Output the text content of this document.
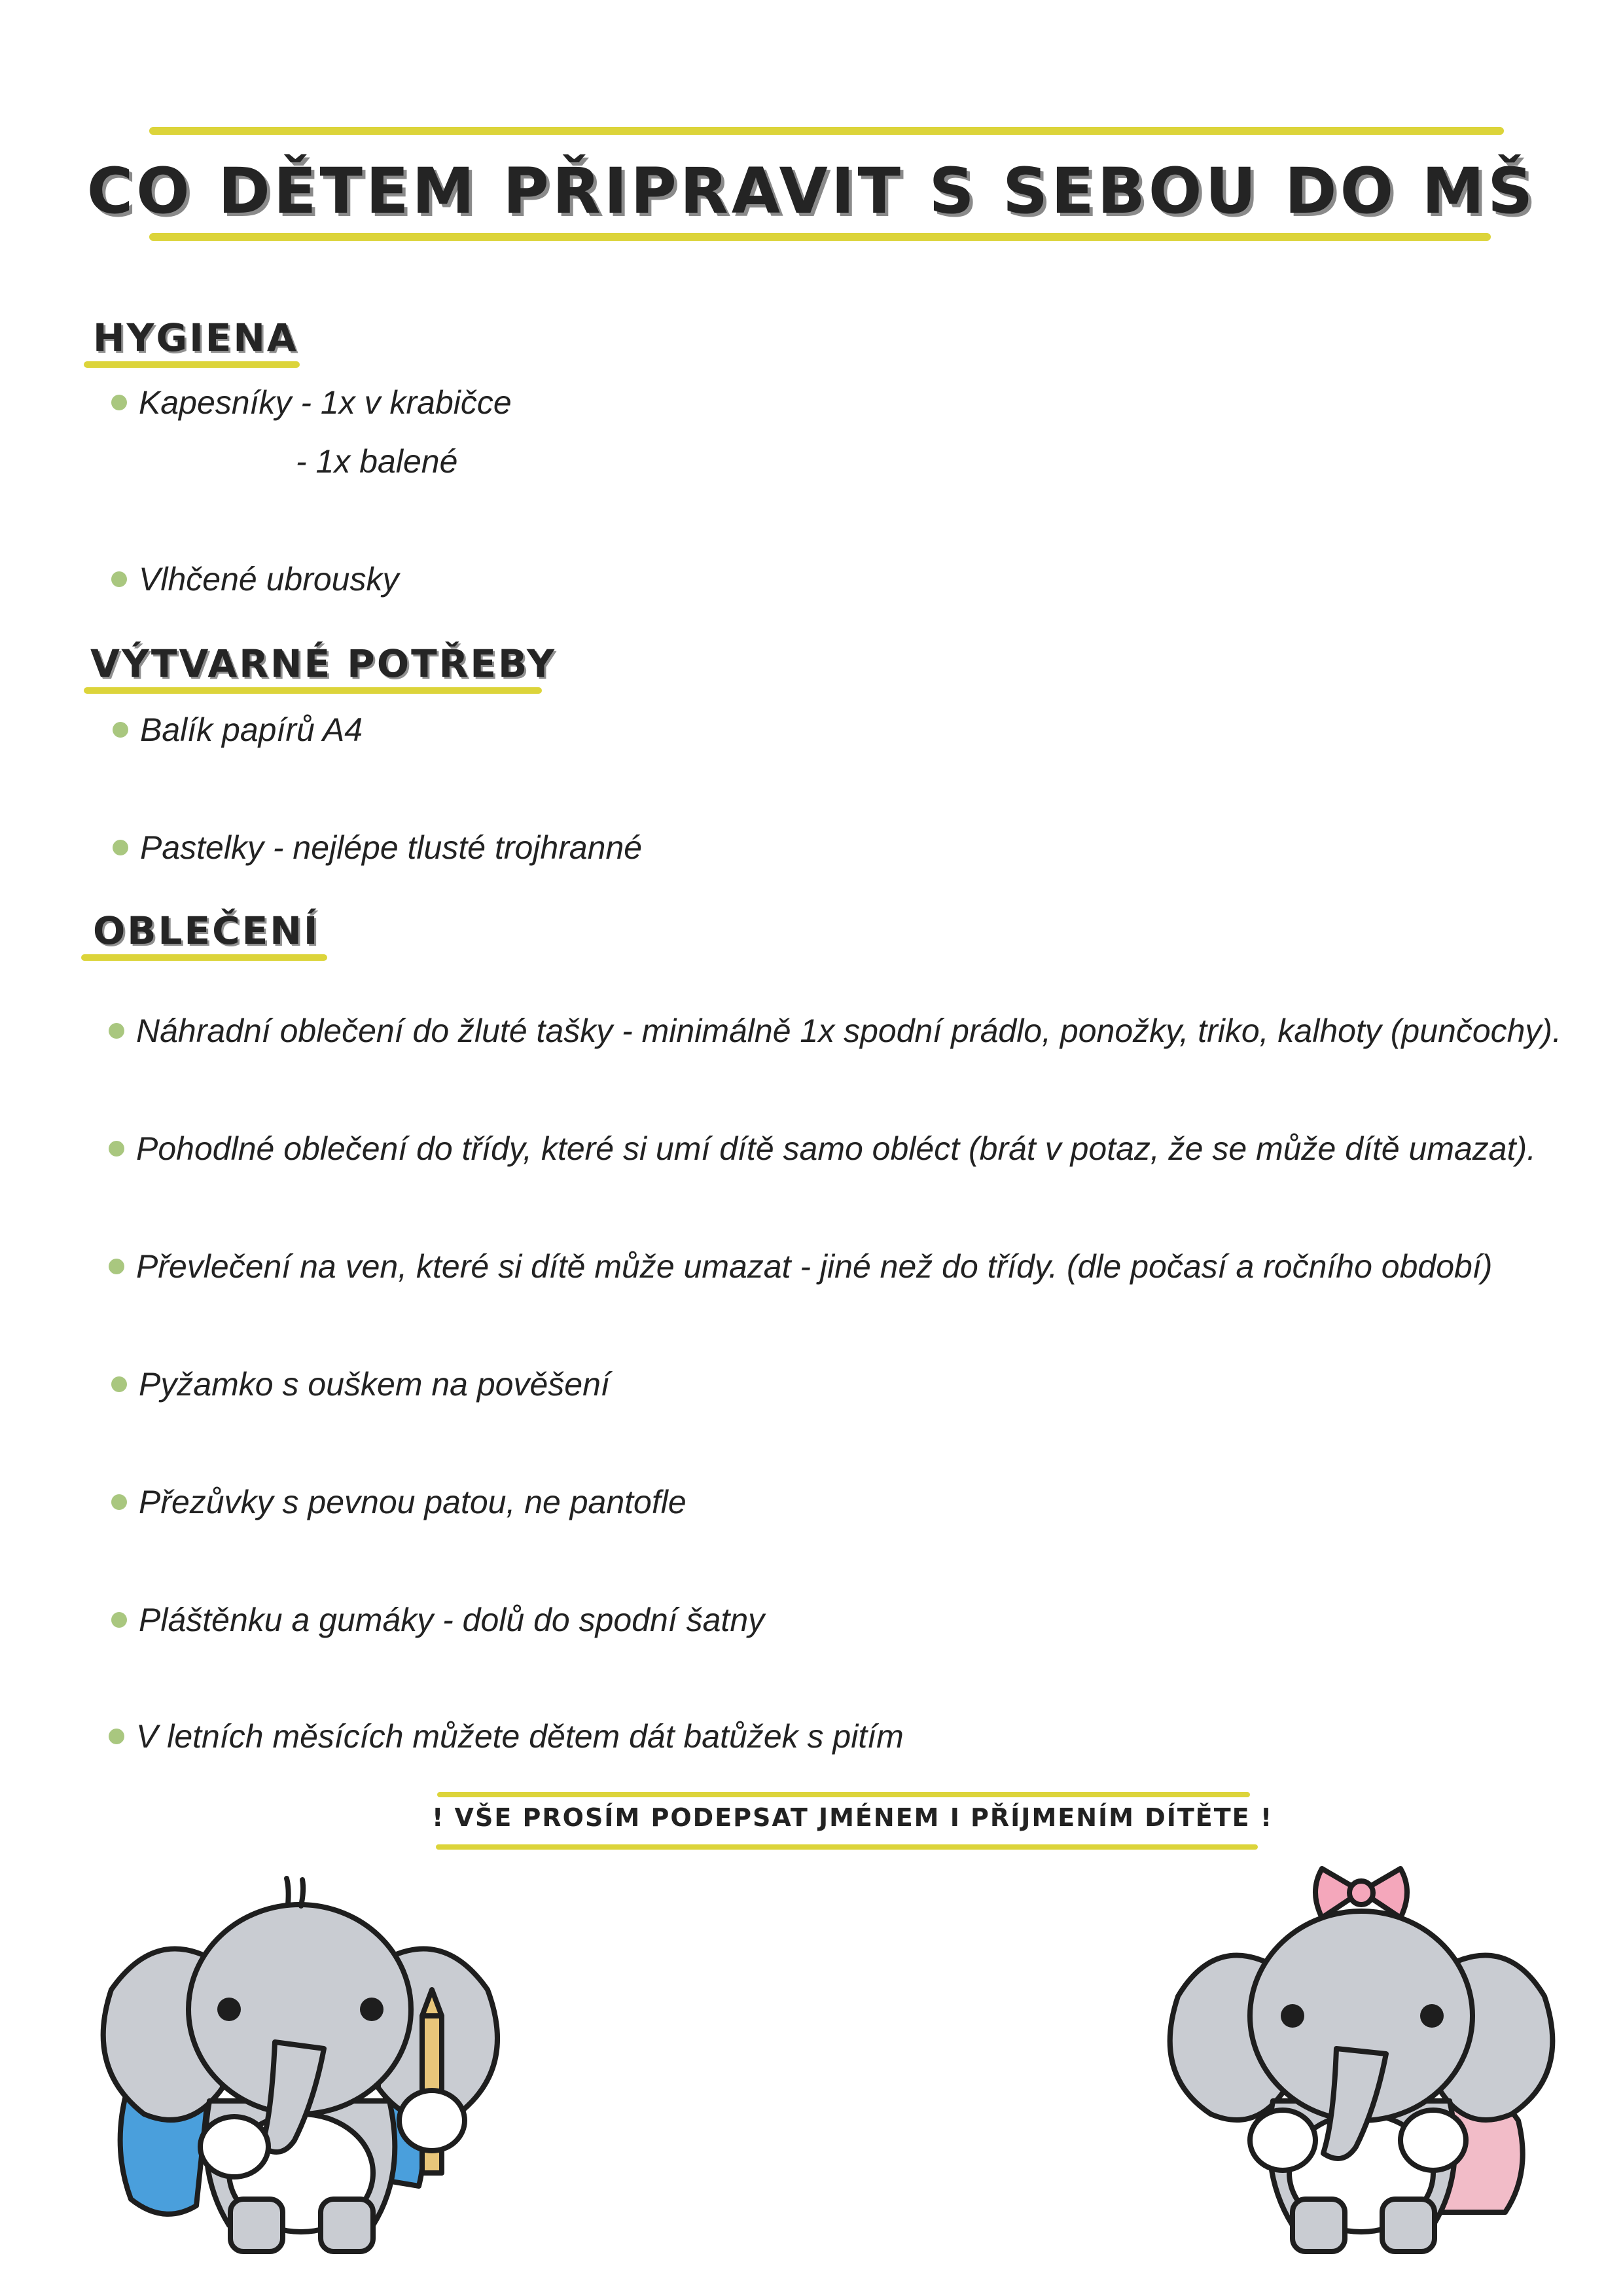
CO DĚTEM PŘIPRAVIT S SEBOU DO MŠ
HYGIENA
Kapesníky - 1x v krabičce
- 1x balené
Vlhčené ubrousky
VÝTVARNÉ POTŘEBY
Balík papírů A4
Pastelky - nejlépe tlusté trojhranné
OBLEČENÍ
Náhradní oblečení do žluté tašky - minimálně 1x spodní prádlo, ponožky, triko, kalhoty (punčochy).
Pohodlné oblečení do třídy, které si umí dítě samo obléct (brát v potaz, že se může dítě umazat).
Převlečení na ven, které si dítě může umazat - jiné než do třídy. (dle počasí a ročního období)
Pyžamko s ouškem na pověšení
Přezůvky s pevnou patou, ne pantofle
Pláštěnku a gumáky - dolů do spodní šatny
V letních měsících můžete dětem dát batůžek s pitím
! VŠE PROSÍM PODEPSAT JMÉNEM I PŘÍJMENÍM DÍTĚTE !
